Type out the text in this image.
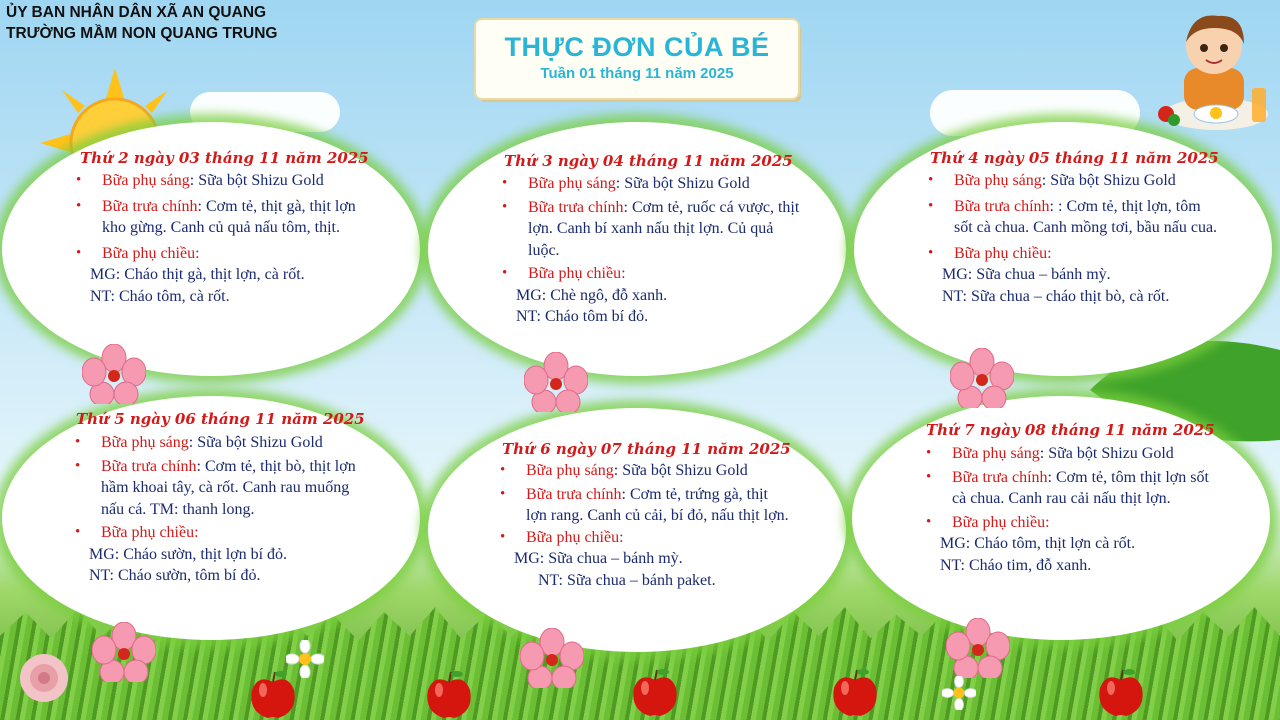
ỦY BAN NHÂN DÂN XÃ AN QUANG
TRƯỜNG MẦM NON QUANG TRUNG	THỰC ĐƠN CỦA BÉ
Tuần 01 tháng 11 năm 2025
Thứ 2 ngày 03 tháng 11 năm 2025
• Bữa phụ sáng: Sữa bột Shizu Gold
• Bữa trưa chính: Cơm tẻ, thịt gà, thịt lợn kho gừng. Canh củ quả nấu tôm, thịt.
• Bữa phụ chiều:
MG: Cháo thịt gà, thịt lợn, cà rốt.
NT: Cháo tôm, cà rốt.
Thứ 3 ngày 04 tháng 11 năm 2025
• Bữa phụ sáng: Sữa bột Shizu Gold
• Bữa trưa chính: Cơm tẻ, ruốc cá vược, thịt lợn. Canh bí xanh nấu thịt lợn. Củ quả luộc.
• Bữa phụ chiều:
MG: Chè ngô, đỗ xanh.
NT: Cháo tôm bí đỏ.
Thứ 4 ngày 05 tháng 11 năm 2025
• Bữa phụ sáng: Sữa bột Shizu Gold
• Bữa trưa chính: : Cơm tẻ, thịt lợn, tôm sốt cà chua. Canh mồng tơi, bầu nấu cua.
• Bữa phụ chiều:
MG: Sữa chua – bánh mỳ.
NT: Sữa chua – cháo thịt bò, cà rốt.
Thứ 5 ngày 06 tháng 11 năm 2025
• Bữa phụ sáng: Sữa bột Shizu Gold
• Bữa trưa chính: Cơm tẻ, thịt bò, thịt lợn hầm khoai tây, cà rốt. Canh rau muống nấu cá. TM: thanh long.
• Bữa phụ chiều:
MG: Cháo sườn, thịt lợn bí đỏ.
NT: Cháo sườn, tôm bí đỏ.
Thứ 6 ngày 07 tháng 11 năm 2025
• Bữa phụ sáng: Sữa bột Shizu Gold
• Bữa trưa chính: Cơm tẻ, trứng gà, thịt lợn rang. Canh củ cải, bí đỏ, nấu thịt lợn.
• Bữa phụ chiều:
MG: Sữa chua – bánh mỳ.
NT: Sữa chua – bánh paket.
Thứ 7 ngày 08 tháng 11 năm 2025
• Bữa phụ sáng: Sữa bột Shizu Gold
• Bữa trưa chính: Cơm tẻ, tôm thịt lợn sốt cà chua. Canh rau cải nấu thịt lợn.
• Bữa phụ chiều:
MG: Cháo tôm, thịt lợn cà rốt.
NT: Cháo tim, đỗ xanh.
